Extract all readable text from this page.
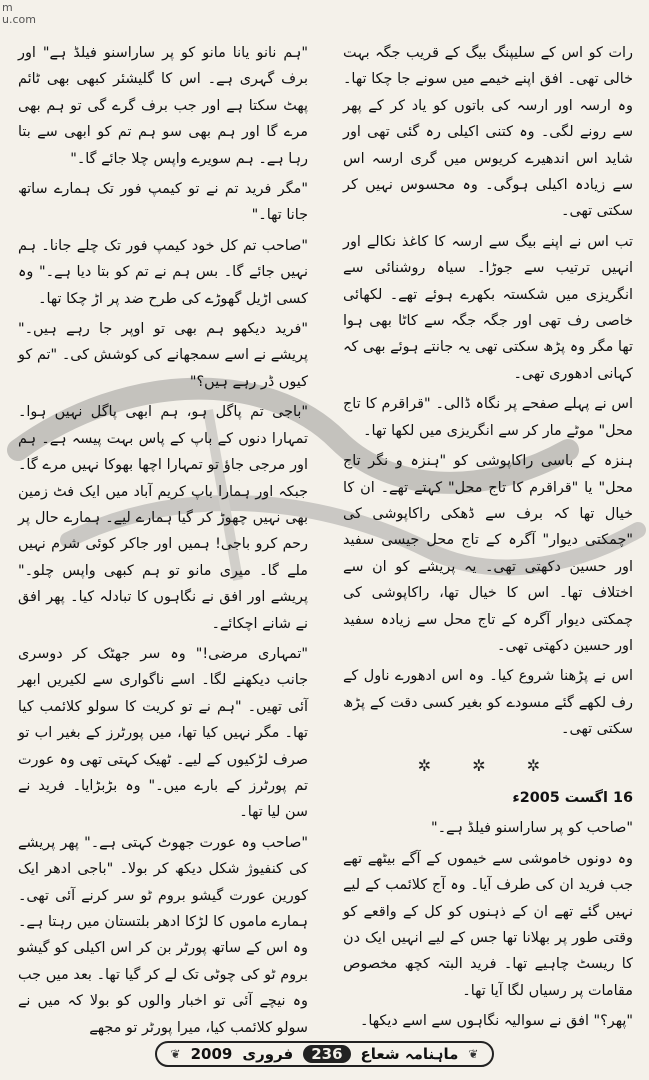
m
u.com

رات کو اس کے سلیپنگ بیگ کے قریب جگہ بہت خالی تھی۔ افق اپنے خیمے میں سونے جا چکا تھا۔ وہ ارسہ اور ارسہ کی باتوں کو یاد کر کے پھر سے رونے لگی۔ وہ کتنی اکیلی رہ گئی تھی اور شاید اس اندھیرے کریوس میں گری ارسہ اس سے زیادہ اکیلی ہوگی۔ وہ محسوس نہیں کر سکتی تھی۔

تب اس نے اپنے بیگ سے ارسہ کا کاغذ نکالے اور انہیں ترتیب سے جوڑا۔ سیاہ روشنائی سے انگریزی میں شکستہ بکھرے ہوئے تھے۔ لکھائی خاصی رف تھی اور جگہ جگہ سے کاٹا بھی ہوا تھا مگر وہ پڑھ سکتی تھی یہ جانتے ہوئے بھی کہ کہانی ادھوری تھی۔

اس نے پہلے صفحے پر نگاہ ڈالی۔ "قراقرم کا تاج محل" موٹے مار کر سے انگریزی میں لکھا تھا۔

ہنزہ کے باسی راکاپوشی کو "ہنزہ و نگر تاج محل" یا "قراقرم کا تاج محل" کہتے تھے۔ ان کا خیال تھا کہ برف سے ڈھکی راکاپوشی کی "چمکتی دیوار" آگرہ کے تاج محل جیسی سفید اور حسین دکھتی تھی۔ یہ پریشے کو ان سے اختلاف تھا۔ اس کا خیال تھا، راکاپوشی کی چمکتی دیوار آگرہ کے تاج محل سے زیادہ سفید اور حسین دکھتی تھی۔

اس نے پڑھنا شروع کیا۔ وہ اس ادھورے ناول کے رف لکھے گئے مسودے کو بغیر کسی دقت کے پڑھ سکتی تھی۔

✲ ✲ ✲

16 اگست 2005ء

"صاحب کو پر ساراسنو فیلڈ ہے۔"

وہ دونوں خاموشی سے خیموں کے آگے بیٹھے تھے جب فرید ان کی طرف آیا۔ وہ آج کلائمب کے لیے نہیں گئے تھے ان کے ذہنوں کو کل کے واقعے کو وقتی طور پر بھلانا تھا جس کے لیے انہیں ایک دن کا ریسٹ چاہیے تھا۔ فرید البتہ کچھ مخصوص مقامات پر رسیاں لگا آیا تھا۔

"پھر؟" افق نے سوالیہ نگاہوں سے اسے دیکھا۔

"ہم نانو یانا مانو کو پر ساراسنو فیلڈ ہے" اور برف گہری ہے۔ اس کا گلیشئر کبھی بھی ٹائم پھٹ سکتا ہے اور جب برف گرے گی تو ہم بھی مرے گا اور ہم بھی سو ہم تم کو ابھی سے بتا رہا ہے۔ ہم سویرے واپس چلا جائے گا۔"

"مگر فرید تم نے تو کیمپ فور تک ہمارے ساتھ جانا تھا۔"

"صاحب تم کل خود کیمپ فور تک چلے جانا۔ ہم نہیں جائے گا۔ بس ہم نے تم کو بتا دیا ہے۔" وہ کسی اڑیل گھوڑے کی طرح ضد پر اڑ چکا تھا۔

"فرید دیکھو ہم بھی تو اوپر جا رہے ہیں۔" پریشے نے اسے سمجھانے کی کوشش کی۔ "تم کو کیوں ڈر رہے ہیں؟"

"باجی تم پاگل ہو، ہم ابھی پاگل نہیں ہوا۔ تمہارا دنوں کے باپ کے پاس بہت پیسہ ہے۔ ہم اور مرجی جاؤ تو تمہارا اچھا بھوکا نہیں مرے گا۔ جبکہ اور ہمارا باپ کریم آباد میں ایک فٹ زمین بھی نہیں چھوڑ کر گیا ہمارے لیے۔ ہمارے حال پر رحم کرو باجی! ہمیں اور جاکر کوئی شرم نہیں ملے گا۔ میری مانو تو ہم کبھی واپس چلو۔" پریشے اور افق نے نگاہوں کا تبادلہ کیا۔ پھر افق نے شانے اچکائے۔

"تمہاری مرضی!" وہ سر جھٹک کر دوسری جانب دیکھنے لگا۔ اسے ناگواری سے لکیریں ابھر آئی تھیں۔ "ہم نے تو کریت کا سولو کلائمب کیا تھا۔ مگر نہیں کیا تھا، میں پورٹرز کے بغیر اب تو صرف لڑکیوں کے لیے۔ ٹھیک کہتی تھی وہ عورت تم پورٹرز کے بارے میں۔" وہ بڑبڑایا۔ فرید نے سن لیا تھا۔

"صاحب وہ عورت جھوٹ کہتی ہے۔" پھر پریشے کی کنفیوژ شکل دیکھ کر بولا۔ "باجی ادھر ایک کورین عورت گیشو بروم ٹو سر کرنے آئی تھی۔ ہمارے ماموں کا لڑکا ادھر بلتستان میں رہتا ہے۔ وہ اس کے ساتھ پورٹر بن کر اس اکیلی کو گیشو بروم ٹو کی چوٹی تک لے کر گیا تھا۔ بعد میں جب وہ نیچے آئی تو اخبار والوں کو بولا کہ میں نے سولو کلائمب کیا، میرا پورٹر تو مجھے

❦
ماہنامہ شعاع
236
فروری
2009
❦
